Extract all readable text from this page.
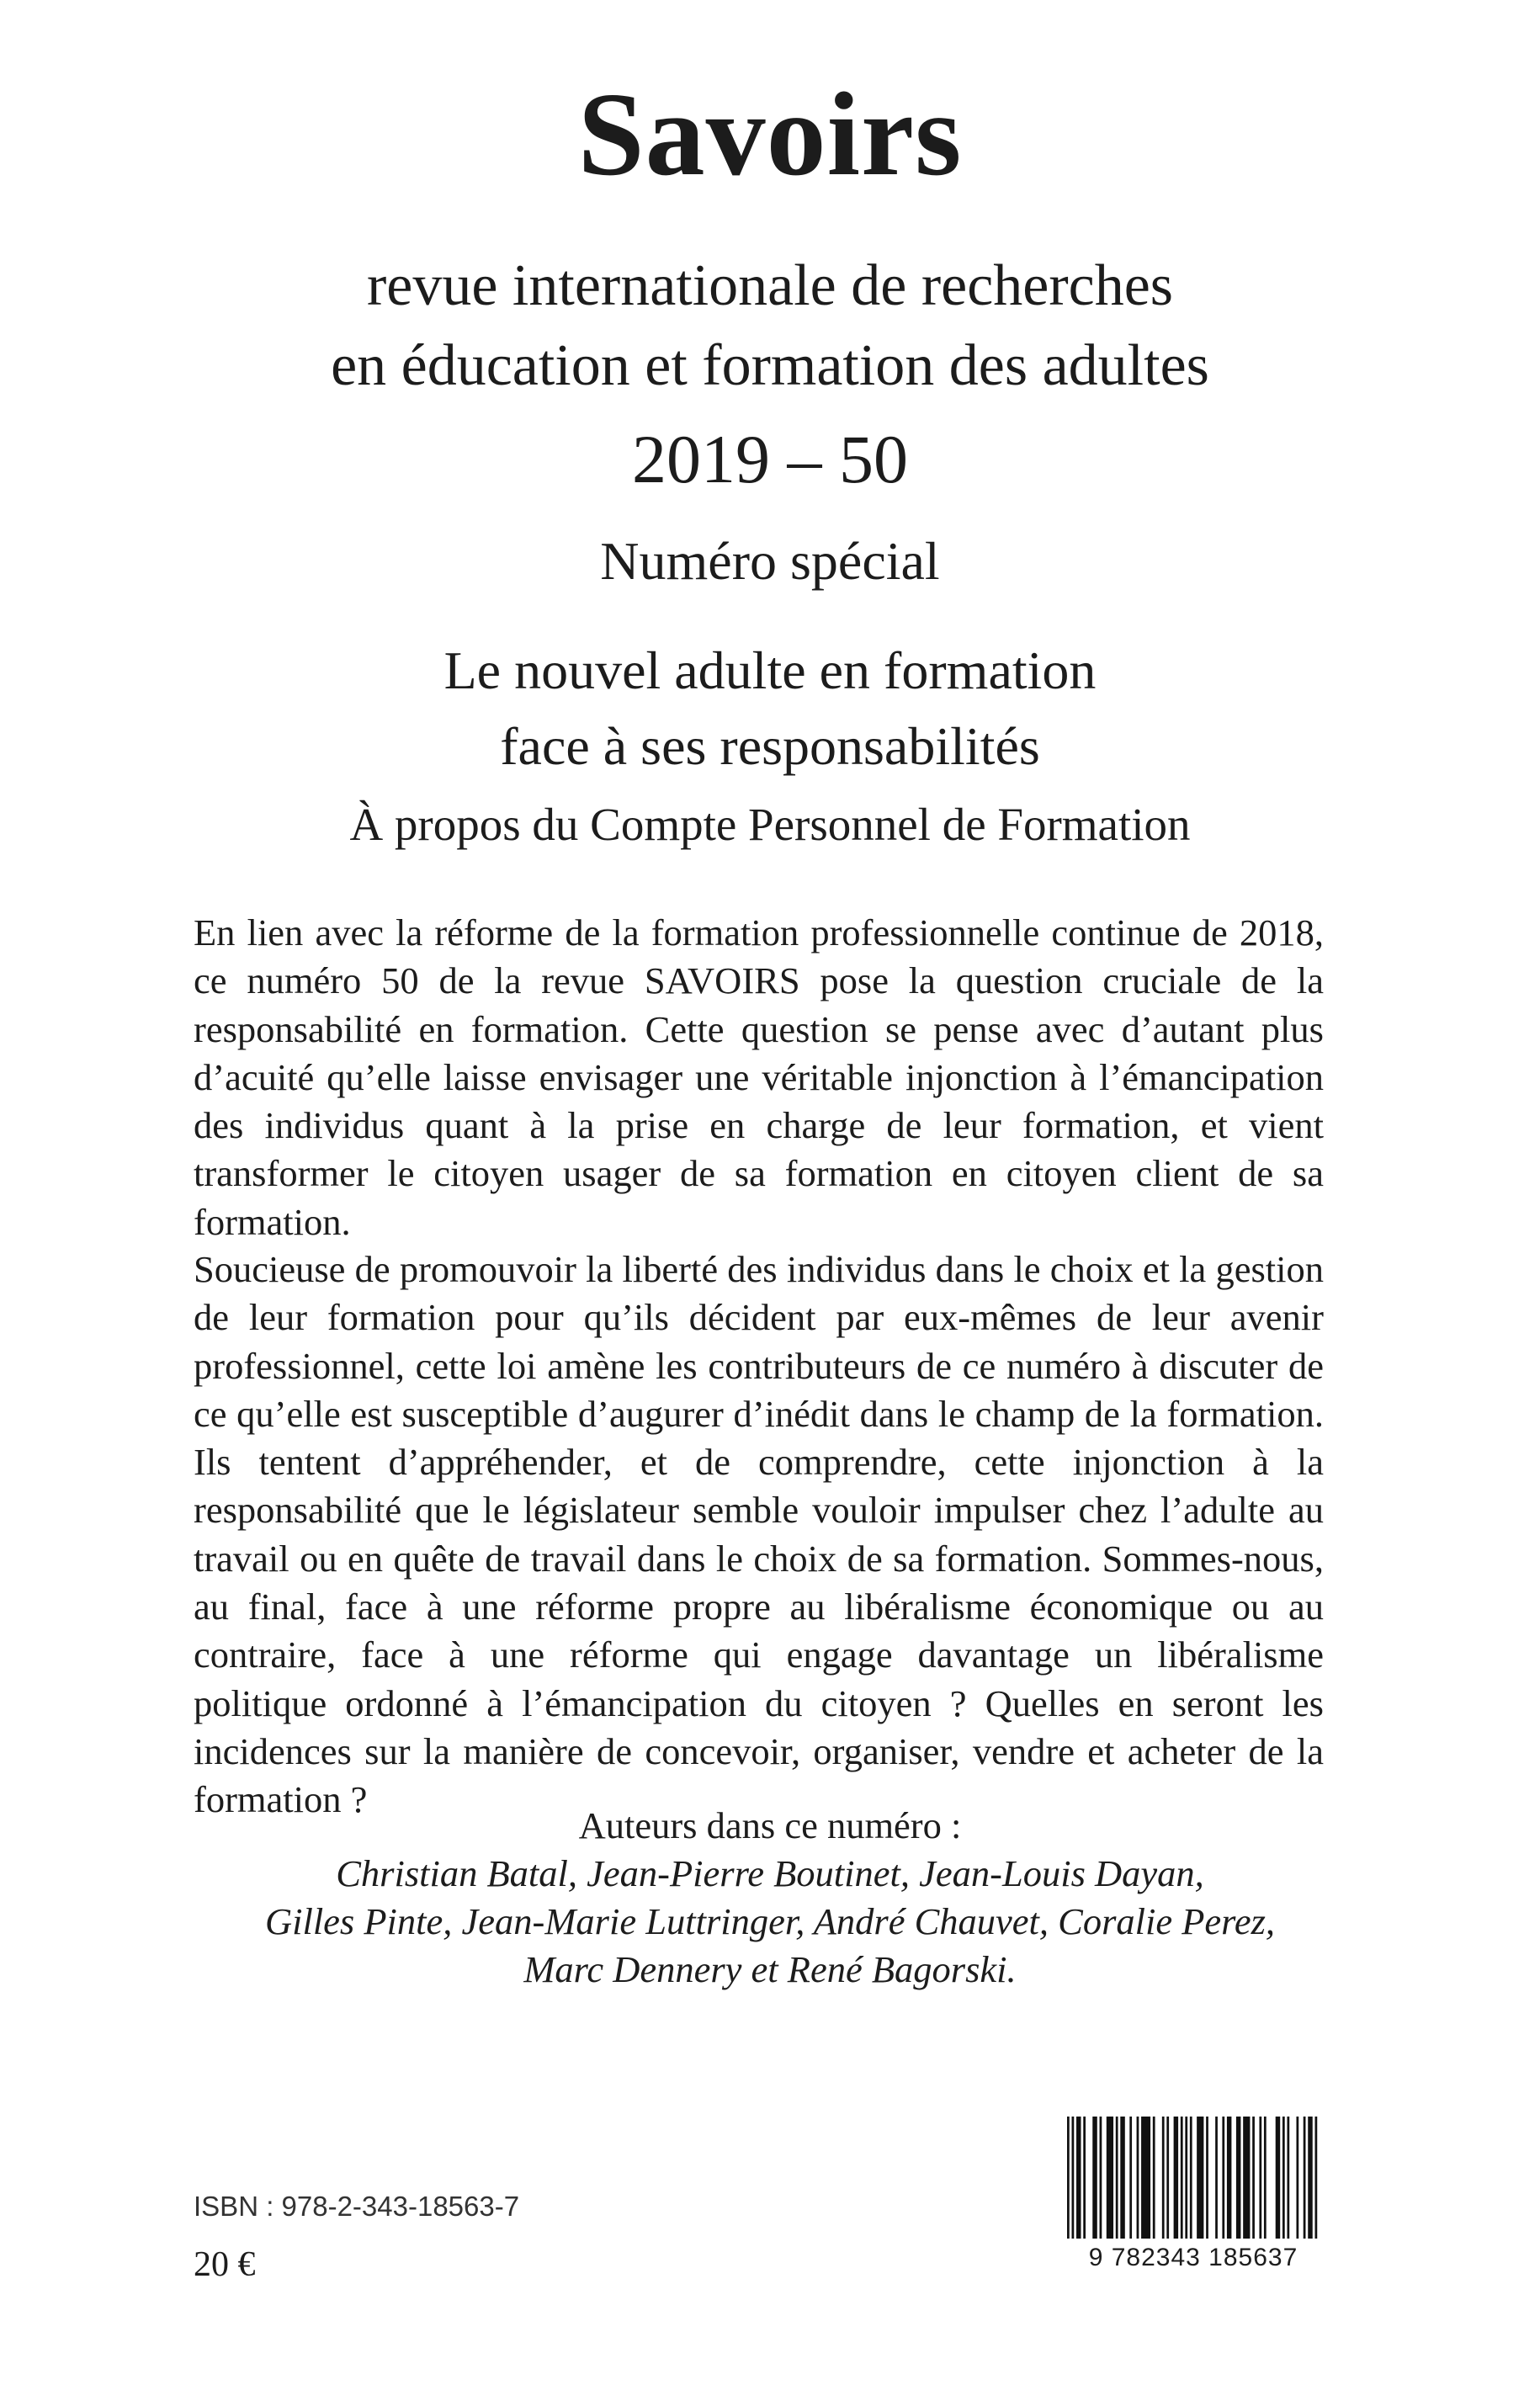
Savoirs
revue internationale de recherches
en éducation et formation des adultes
2019 – 50
Numéro spécial
Le nouvel adulte en formation
face à ses responsabilités
À propos du Compte Personnel de Formation
En lien avec la réforme de la formation professionnelle continue de 2018, ce numéro 50 de la revue SAVOIRS pose la question cruciale de la responsabilité en formation. Cette question se pense avec d’autant plus d’acuité qu’elle laisse envisager une véritable injonction à l’émancipation des individus quant à la prise en charge de leur formation, et vient transformer le citoyen usager de sa formation en citoyen client de sa formation.
Soucieuse de promouvoir la liberté des individus dans le choix et la gestion de leur formation pour qu’ils décident par eux-mêmes de leur avenir professionnel, cette loi amène les contributeurs de ce numéro à discuter de ce qu’elle est susceptible d’augurer d’inédit dans le champ de la formation. Ils tentent d’appréhender, et de comprendre, cette injonction à la responsabilité que le législateur semble vouloir impulser chez l’adulte au travail ou en quête de travail dans le choix de sa formation. Sommes-nous, au final, face à une réforme propre au libéralisme économique ou au contraire, face à une réforme qui engage davantage un libéralisme politique ordonné à l’émancipation du citoyen ? Quelles en seront les incidences sur la manière de concevoir, organiser, vendre et acheter de la formation ?
Auteurs dans ce numéro :
Christian Batal, Jean-Pierre Boutinet, Jean-Louis Dayan,
Gilles Pinte, Jean-Marie Luttringer, André Chauvet, Coralie Perez,
Marc Dennery et René Bagorski.
ISBN : 978-2-343-18563-7
20 €	9 782343 185637
